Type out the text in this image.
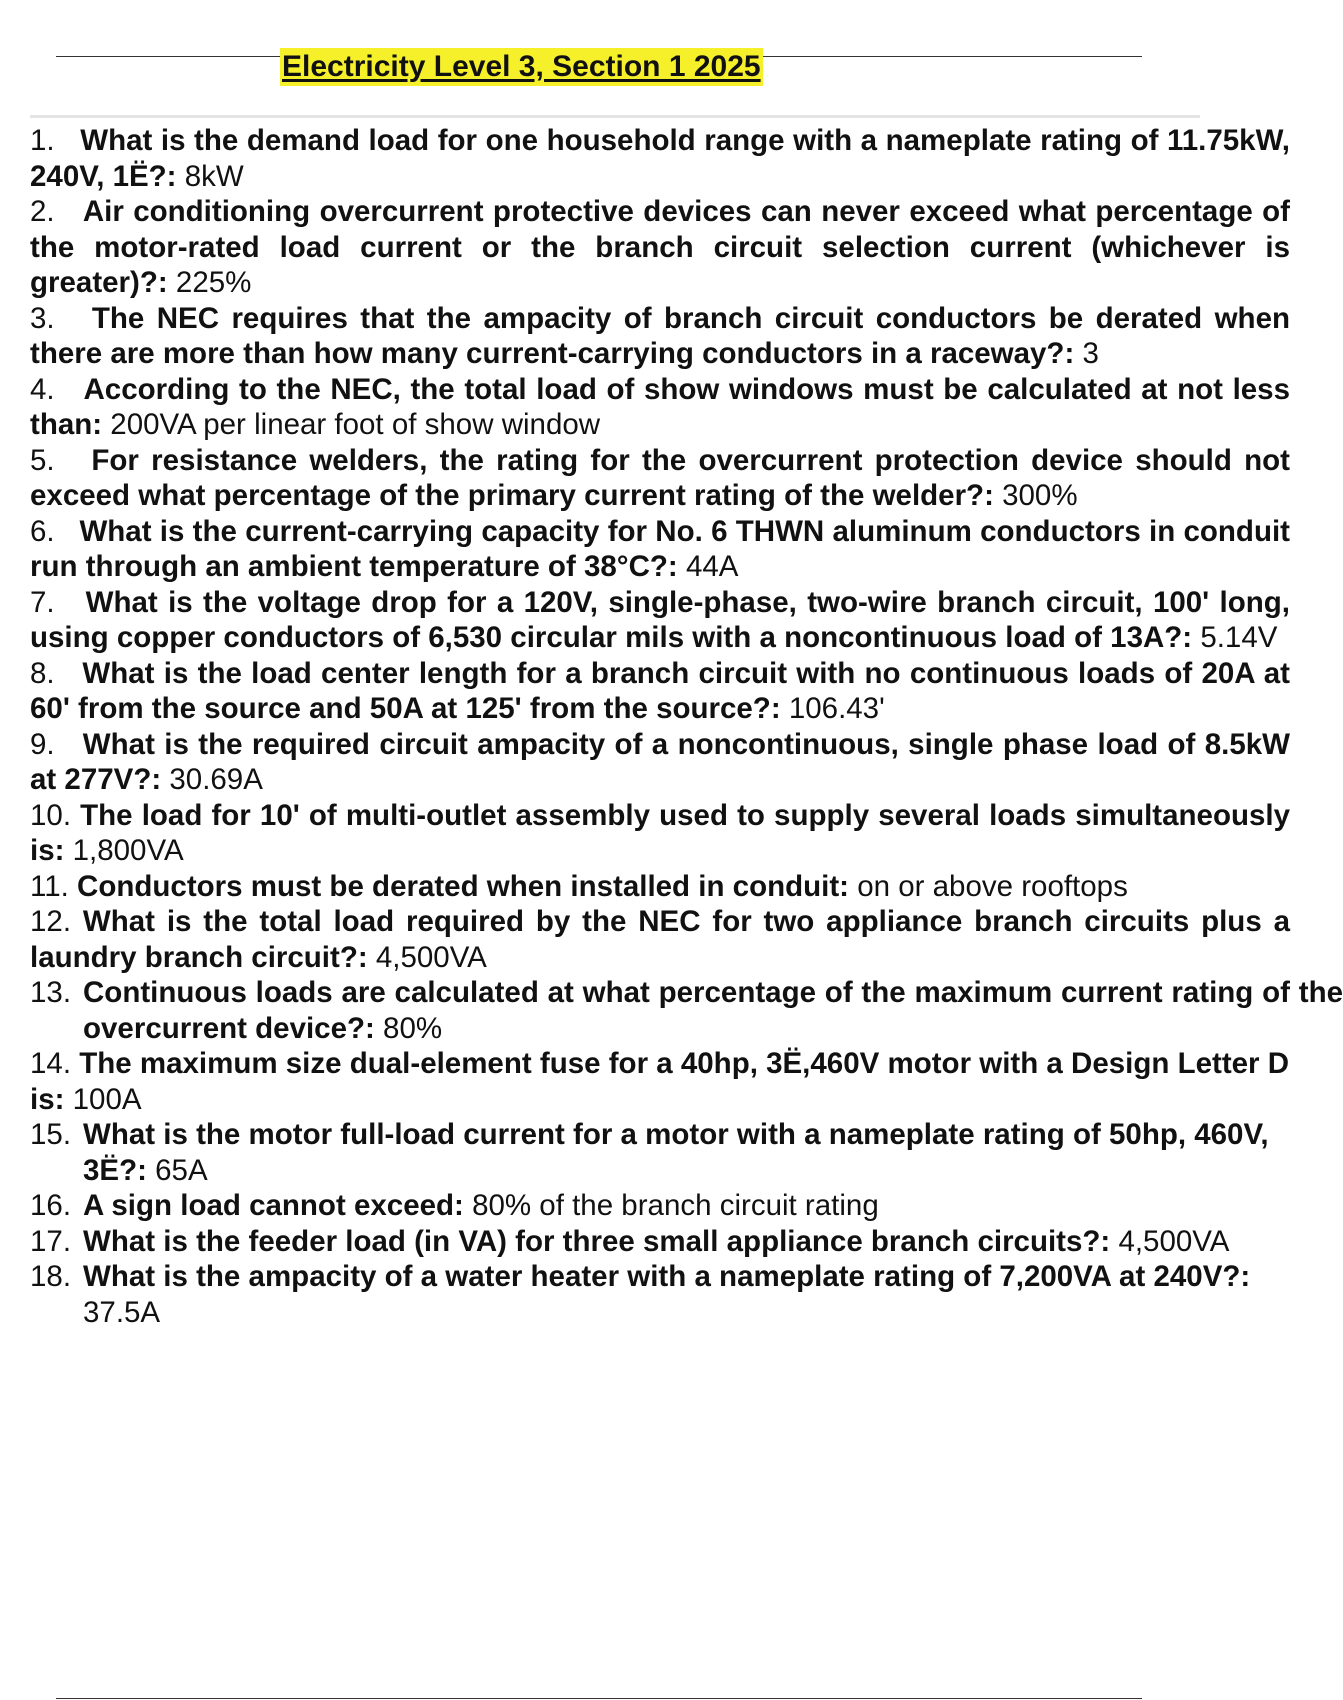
Electricity Level 3, Section 1 2025
1. What is the demand load for one household range with a nameplate rating of 11.75kW, 240V, 1Ë?: 8kW
2. Air conditioning overcurrent protective devices can never exceed what percentage of the motor-rated load current or the branch circuit selection current (whichever is greater)?: 225%
3. The NEC requires that the ampacity of branch circuit conductors be derated when there are more than how many current-carrying conductors in a raceway?: 3
4. According to the NEC, the total load of show windows must be calculated at not less than: 200VA per linear foot of show window
5. For resistance welders, the rating for the overcurrent protection device should not exceed what percentage of the primary current rating of the welder?: 300%
6. What is the current-carrying capacity for No. 6 THWN aluminum conductors in conduit run through an ambient temperature of 38°C?: 44A
7. What is the voltage drop for a 120V, single-phase, two-wire branch circuit, 100' long, using copper conductors of 6,530 circular mils with a noncontinuous load of 13A?: 5.14V
8. What is the load center length for a branch circuit with no continuous loads of 20A at 60' from the source and 50A at 125' from the source?: 106.43'
9. What is the required circuit ampacity of a noncontinuous, single phase load of 8.5kW at 277V?: 30.69A
10. The load for 10' of multi-outlet assembly used to supply several loads simultaneously is: 1,800VA
11. Conductors must be derated when installed in conduit: on or above rooftops
12. What is the total load required by the NEC for two appliance branch circuits plus a laundry branch circuit?: 4,500VA
13. Continuous loads are calculated at what percentage of the maximum current rating of the overcurrent device?: 80%
14. The maximum size dual-element fuse for a 40hp, 3Ë,460V motor with a Design Letter D is: 100A
15. What is the motor full-load current for a motor with a nameplate rating of 50hp, 460V, 3Ë?: 65A
16. A sign load cannot exceed: 80% of the branch circuit rating
17. What is the feeder load (in VA) for three small appliance branch circuits?: 4,500VA
18. What is the ampacity of a water heater with a nameplate rating of 7,200VA at 240V?: 37.5A
